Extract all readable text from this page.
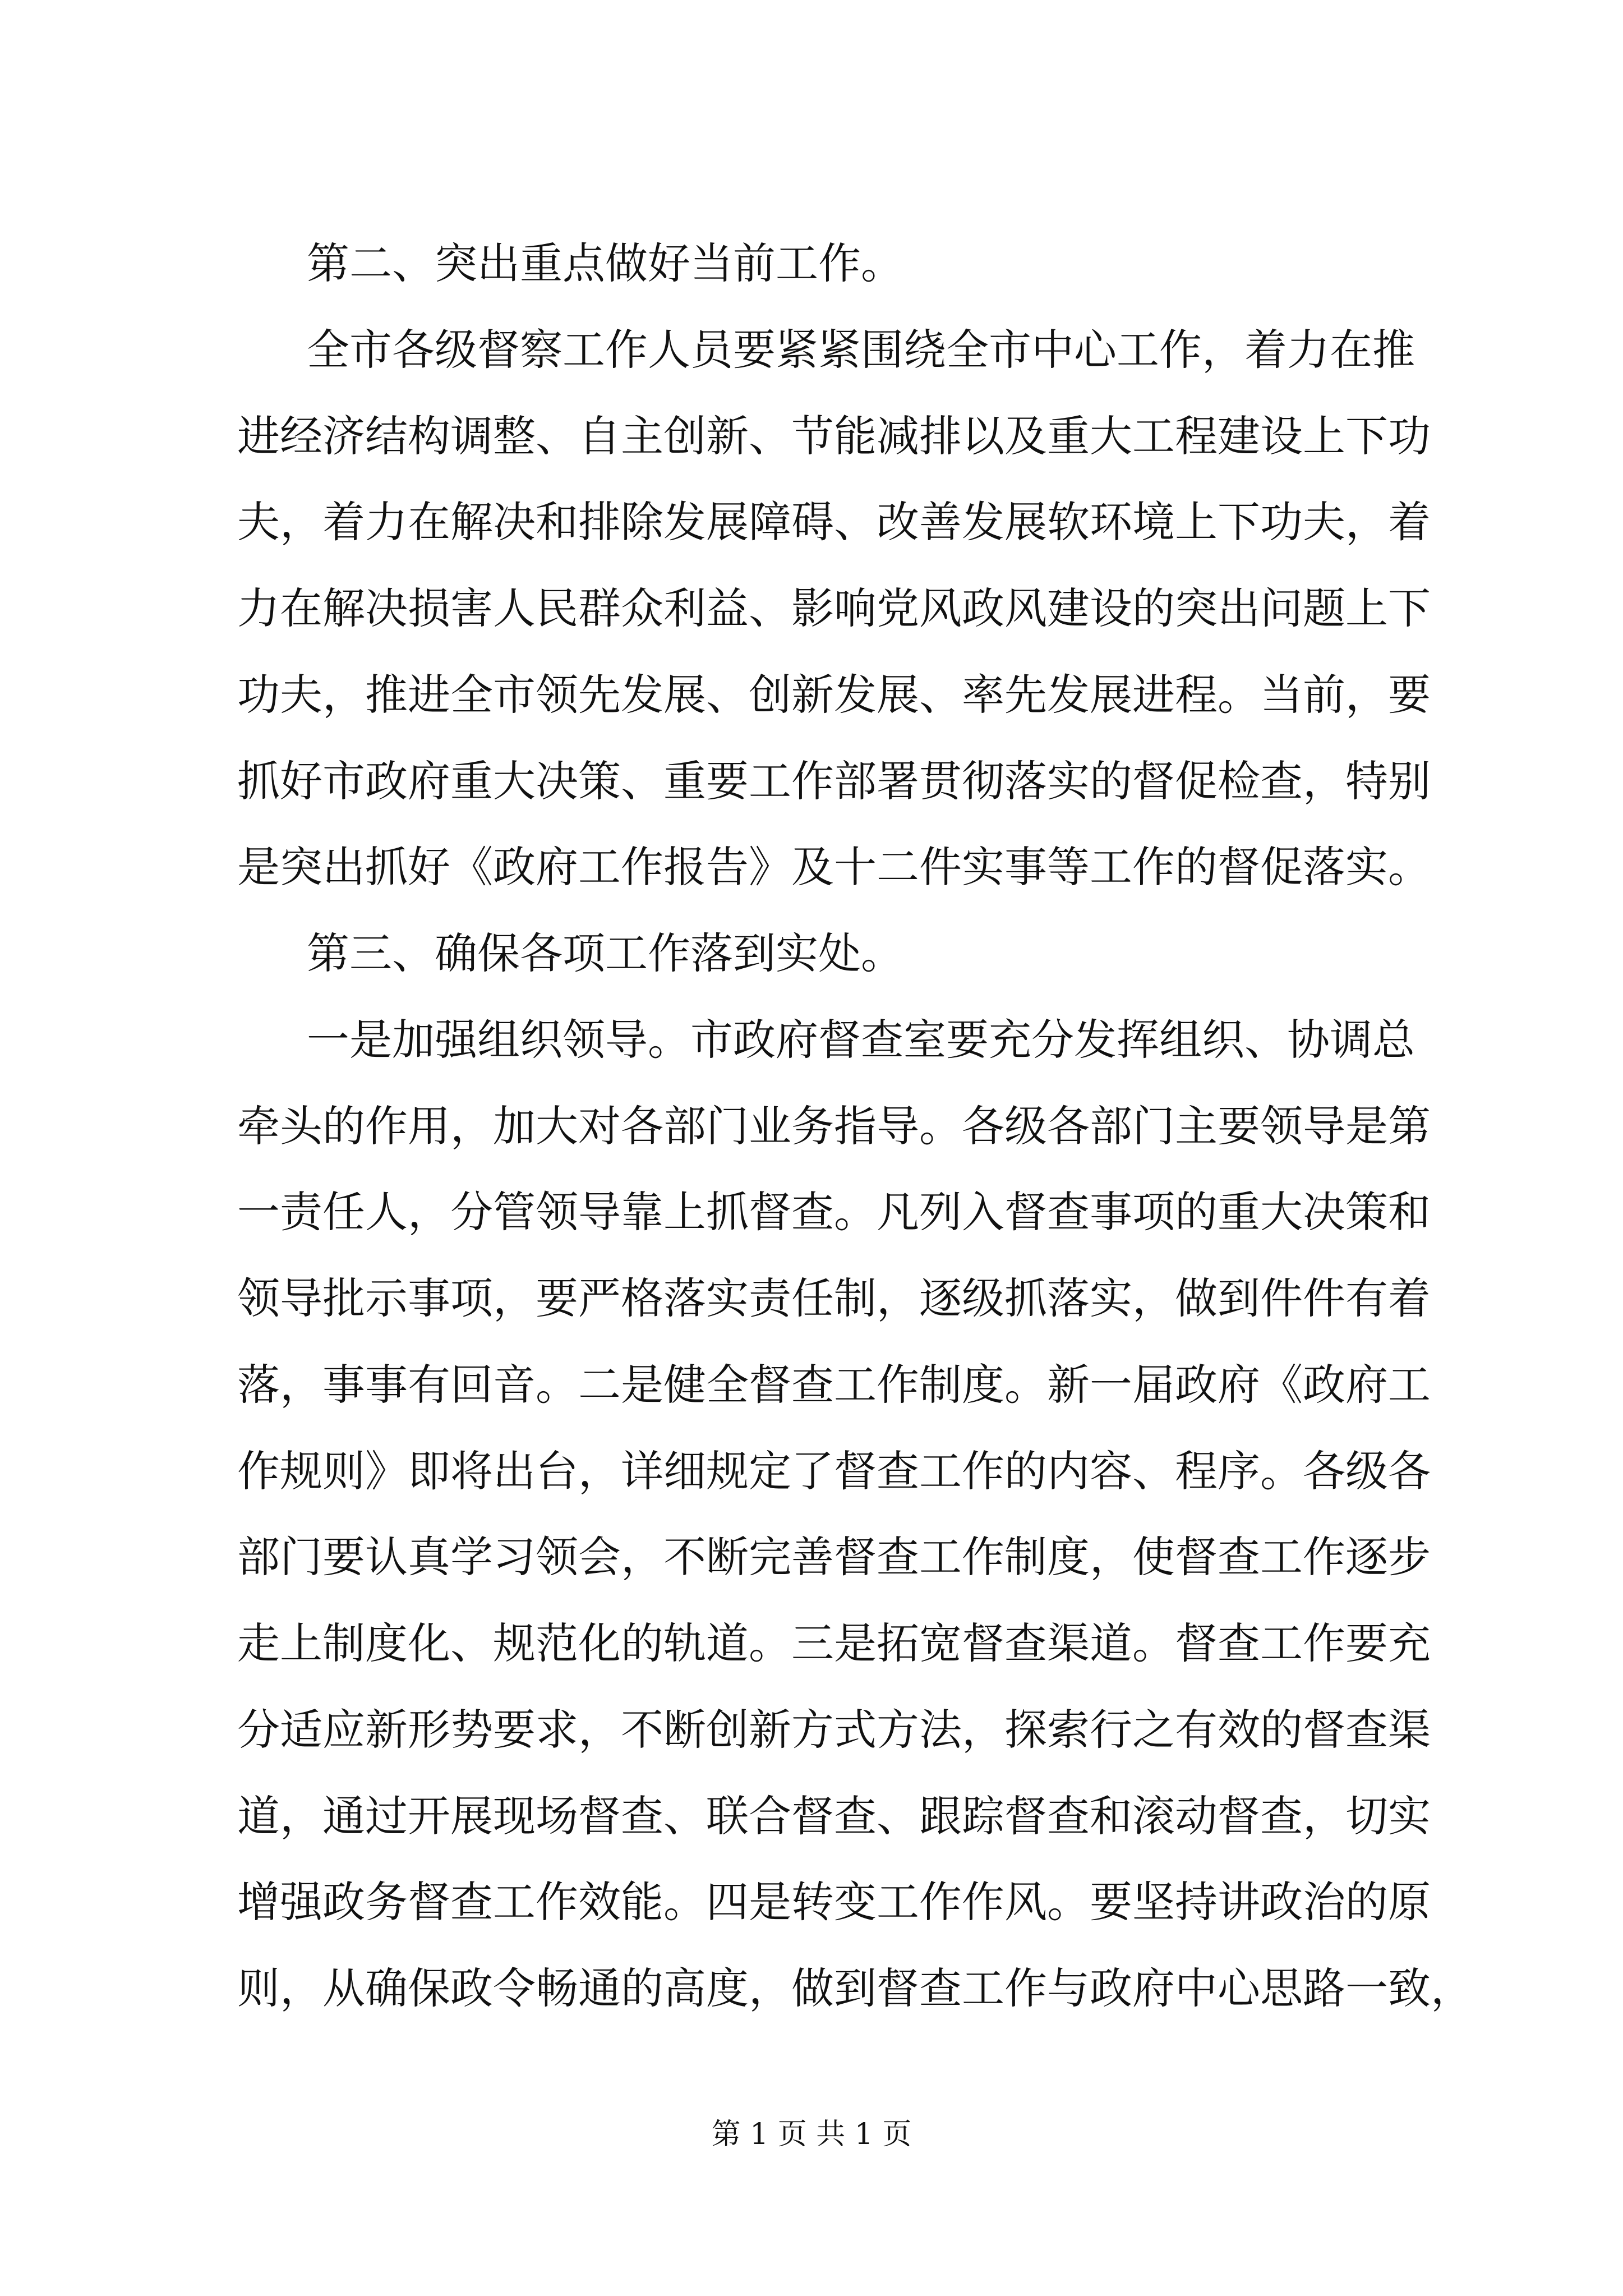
第二、突出重点做好当前工作。
全市各级督察工作人员要紧紧围绕全市中心工作，着力在推
进经济结构调整、自主创新、节能减排以及重大工程建设上下功
夫，着力在解决和排除发展障碍、改善发展软环境上下功夫，着
力在解决损害人民群众利益、影响党风政风建设的突出问题上下
功夫，推进全市领先发展、创新发展、率先发展进程。当前，要
抓好市政府重大决策、重要工作部署贯彻落实的督促检查，特别
是突出抓好《政府工作报告》及十二件实事等工作的督促落实。
第三、确保各项工作落到实处。
一是加强组织领导。市政府督查室要充分发挥组织、协调总
牵头的作用，加大对各部门业务指导。各级各部门主要领导是第
一责任人，分管领导靠上抓督查。凡列入督查事项的重大决策和
领导批示事项，要严格落实责任制，逐级抓落实，做到件件有着
落，事事有回音。二是健全督查工作制度。新一届政府《政府工
作规则》即将出台，详细规定了督查工作的内容、程序。各级各
部门要认真学习领会，不断完善督查工作制度，使督查工作逐步
走上制度化、规范化的轨道。三是拓宽督查渠道。督查工作要充
分适应新形势要求，不断创新方式方法，探索行之有效的督查渠
道，通过开展现场督查、联合督查、跟踪督查和滚动督查，切实
增强政务督查工作效能。四是转变工作作风。要坚持讲政治的原
则，从确保政令畅通的高度，做到督查工作与政府中心思路一致，
第 1 页 共 1 页
